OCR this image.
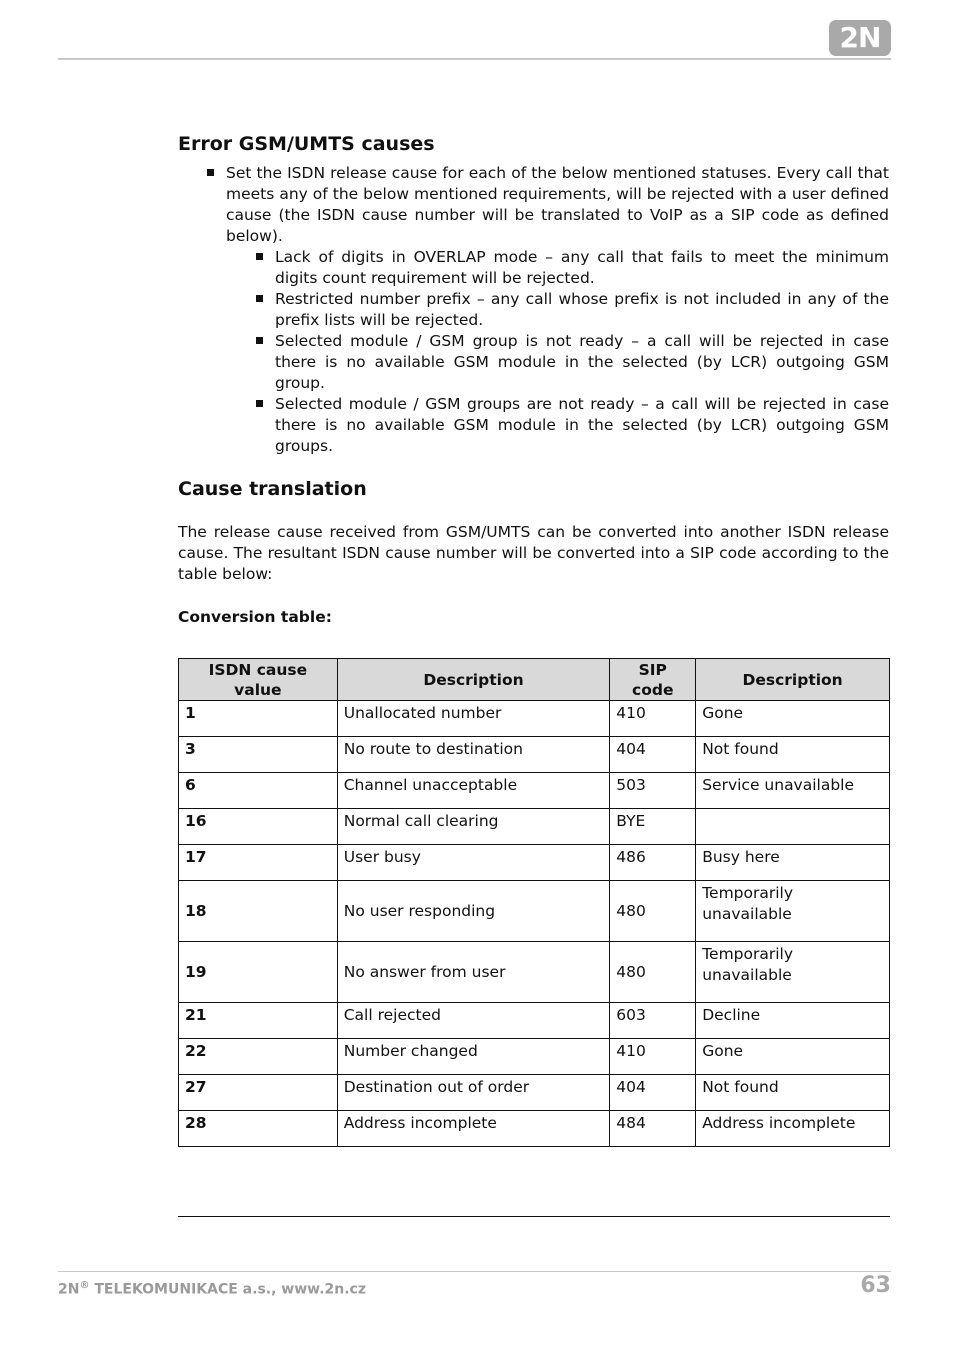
2N
Error GSM/UMTS causes
Set the ISDN release cause for each of the below mentioned statuses. Every call that meets any of the below mentioned requirements, will be rejected with a user defined cause (the ISDN cause number will be translated to VoIP as a SIP code as defined below).
Lack of digits in OVERLAP mode – any call that fails to meet the minimum digits count requirement will be rejected.
Restricted number prefix – any call whose prefix is not included in any of the prefix lists will be rejected.
Selected module / GSM group is not ready – a call will be rejected in case there is no available GSM module in the selected (by LCR) outgoing GSM group.
Selected module / GSM groups are not ready – a call will be rejected in case there is no available GSM module in the selected (by LCR) outgoing GSM groups.
Cause translation

The release cause received from GSM/UMTS can be converted into another ISDN release cause. The resultant ISDN cause number will be converted into a SIP code according to the table below:

Conversion table:
ISDN cause value	Description	SIP code	Description
1	Unallocated number	410	Gone
3	No route to destination	404	Not found
6	Channel unacceptable	503	Service unavailable
16	Normal call clearing	BYE	
17	User busy	486	Busy here
18	No user responding	480	Temporarily unavailable
19	No answer from user	480	Temporarily unavailable
21	Call rejected	603	Decline
22	Number changed	410	Gone
27	Destination out of order	404	Not found
28	Address incomplete	484	Address incomplete
2N® TELEKOMUNIKACE a.s., www.2n.cz	63
